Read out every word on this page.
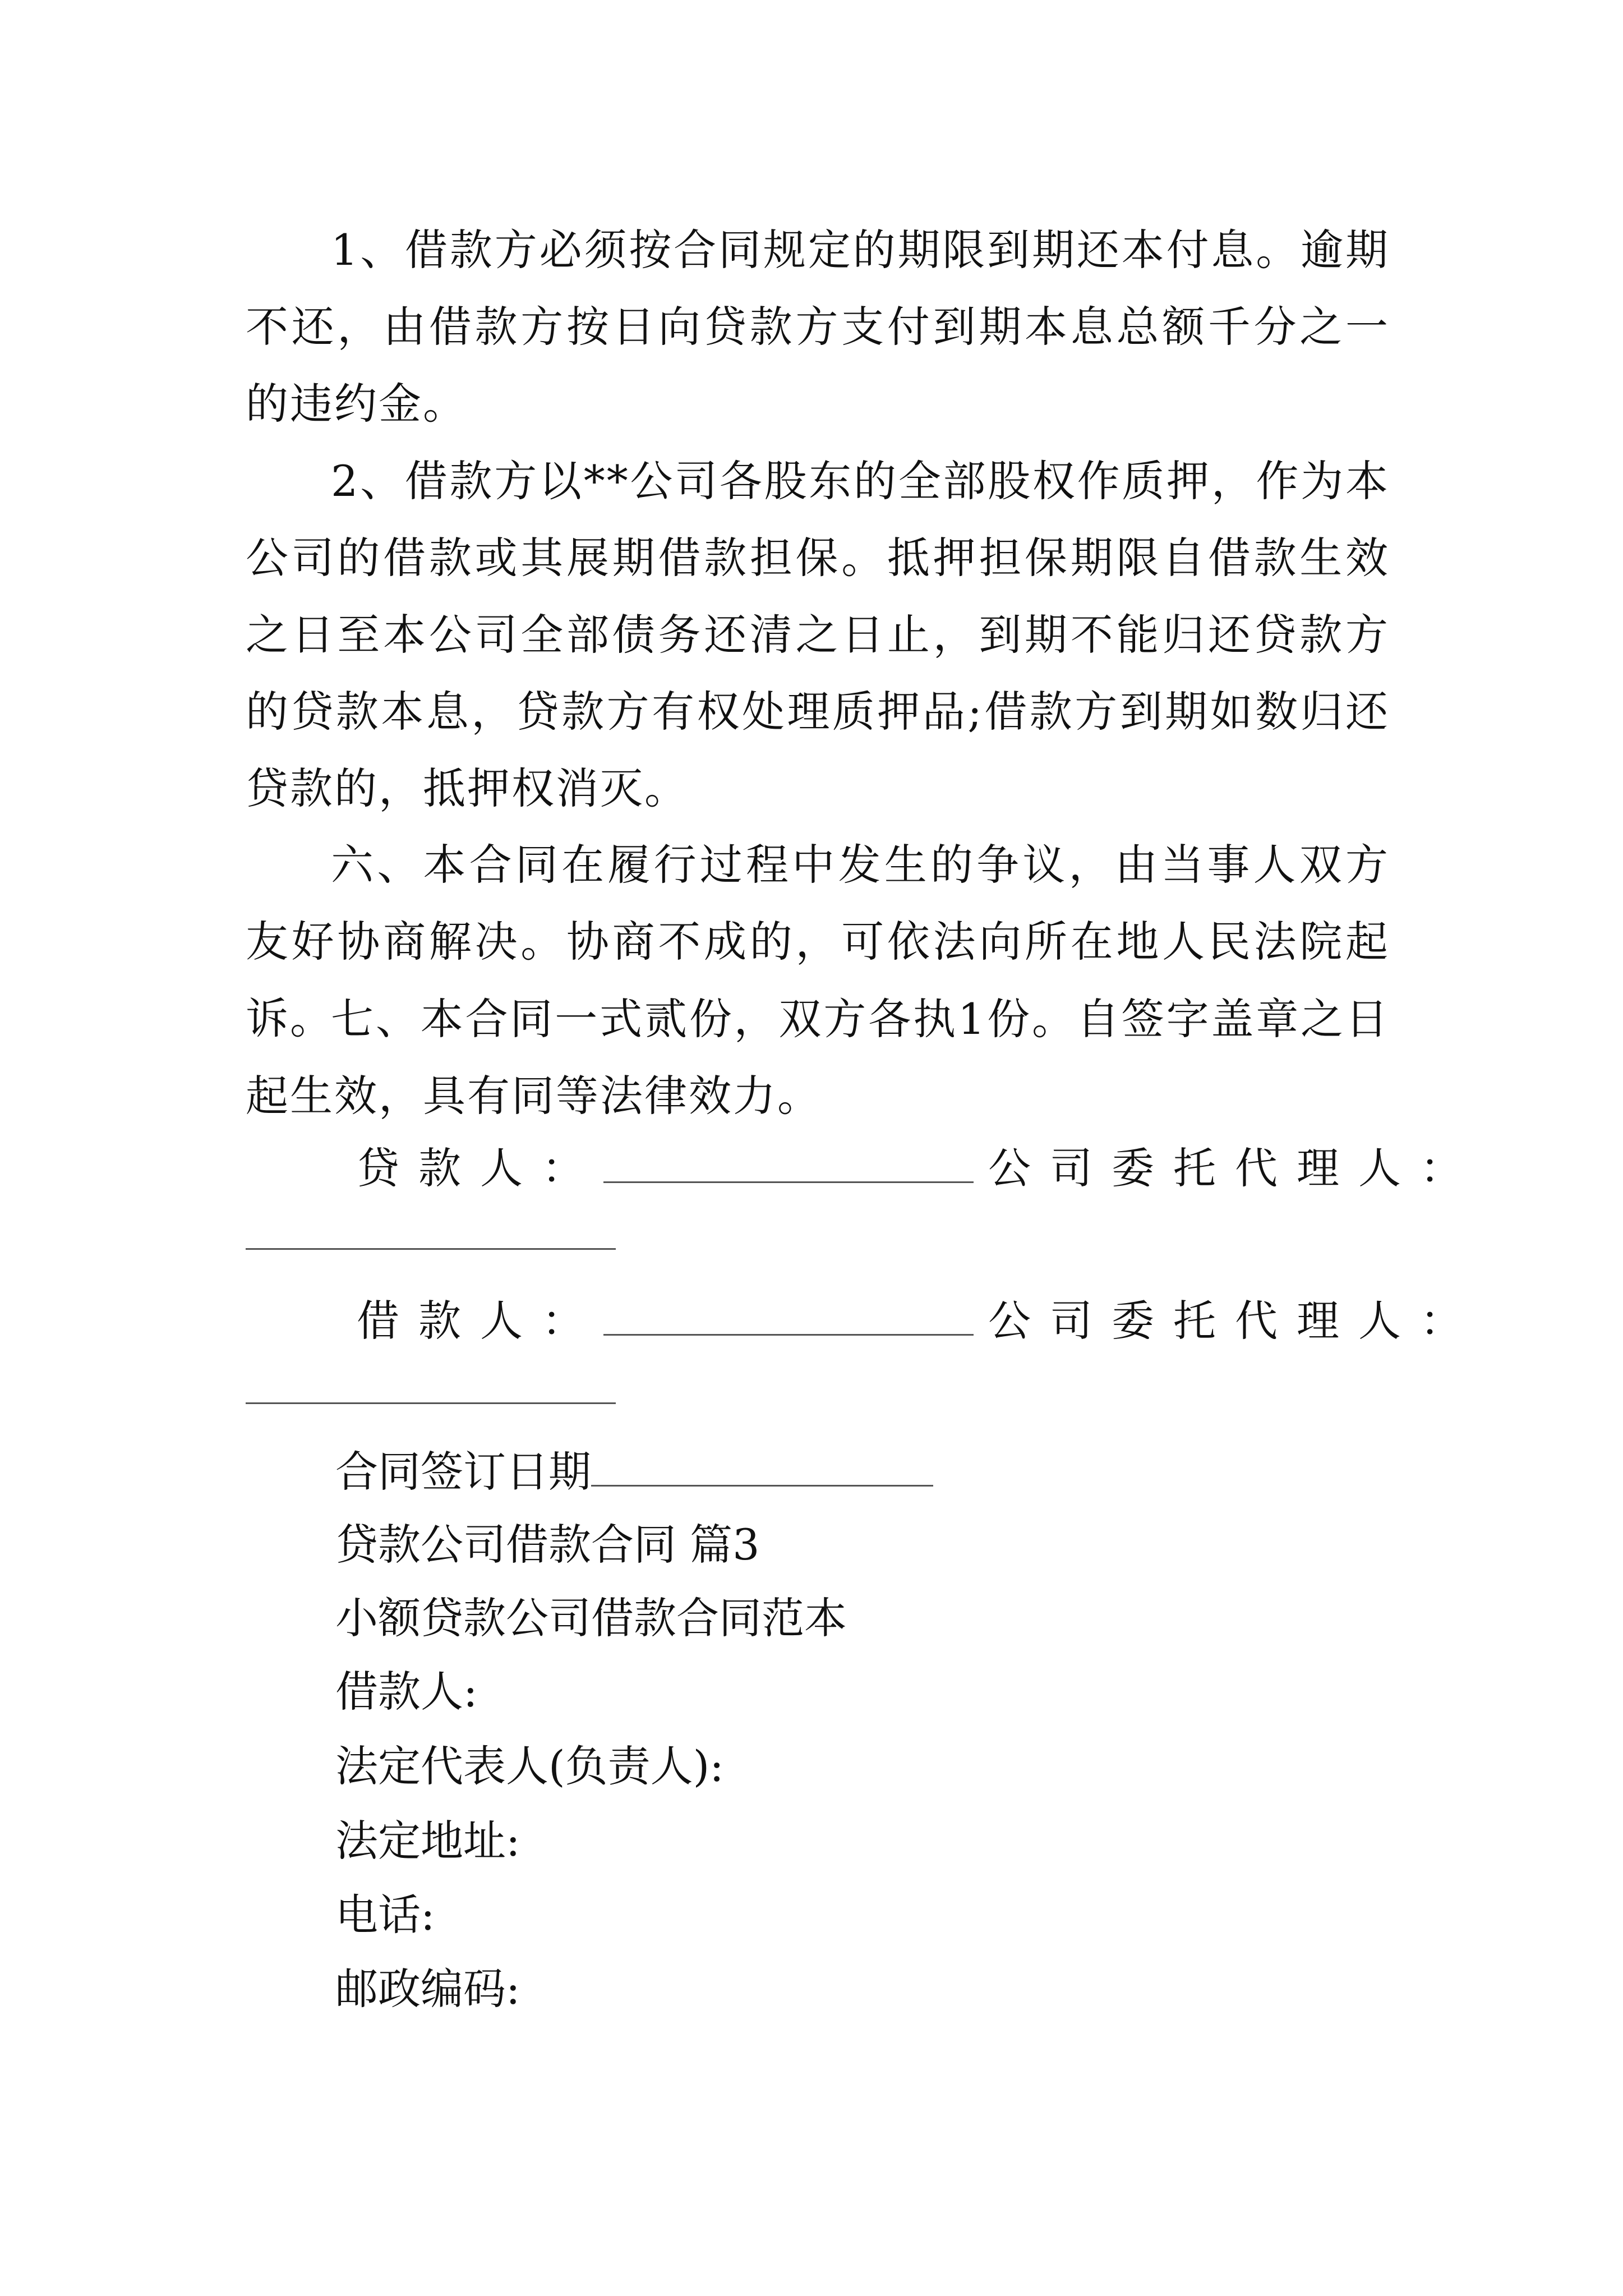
1、借款方必须按合同规定的期限到期还本付息。逾期不还，由借款方按日向贷款方支付到期本息总额千分之一的违约金。

2、借款方以**公司各股东的全部股权作质押，作为本公司的借款或其展期借款担保。抵押担保期限自借款生效之日至本公司全部债务还清之日止，到期不能归还贷款方的贷款本息，贷款方有权处理质押品;借款方到期如数归还贷款的，抵押权消灭。

六、本合同在履行过程中发生的争议，由当事人双方友好协商解决。协商不成的，可依法向所在地人民法院起诉。

七、本合同一式贰份，双方各执1份。自签字盖章之日起生效，具有同等法律效力。

贷款人：	公司委托代理人：
借款人：	公司委托代理人：
合同签订日期
贷款公司借款合同 篇3
小额贷款公司借款合同范本
借款人:
法定代表人(负责人):
法定地址:
电话:
邮政编码:
